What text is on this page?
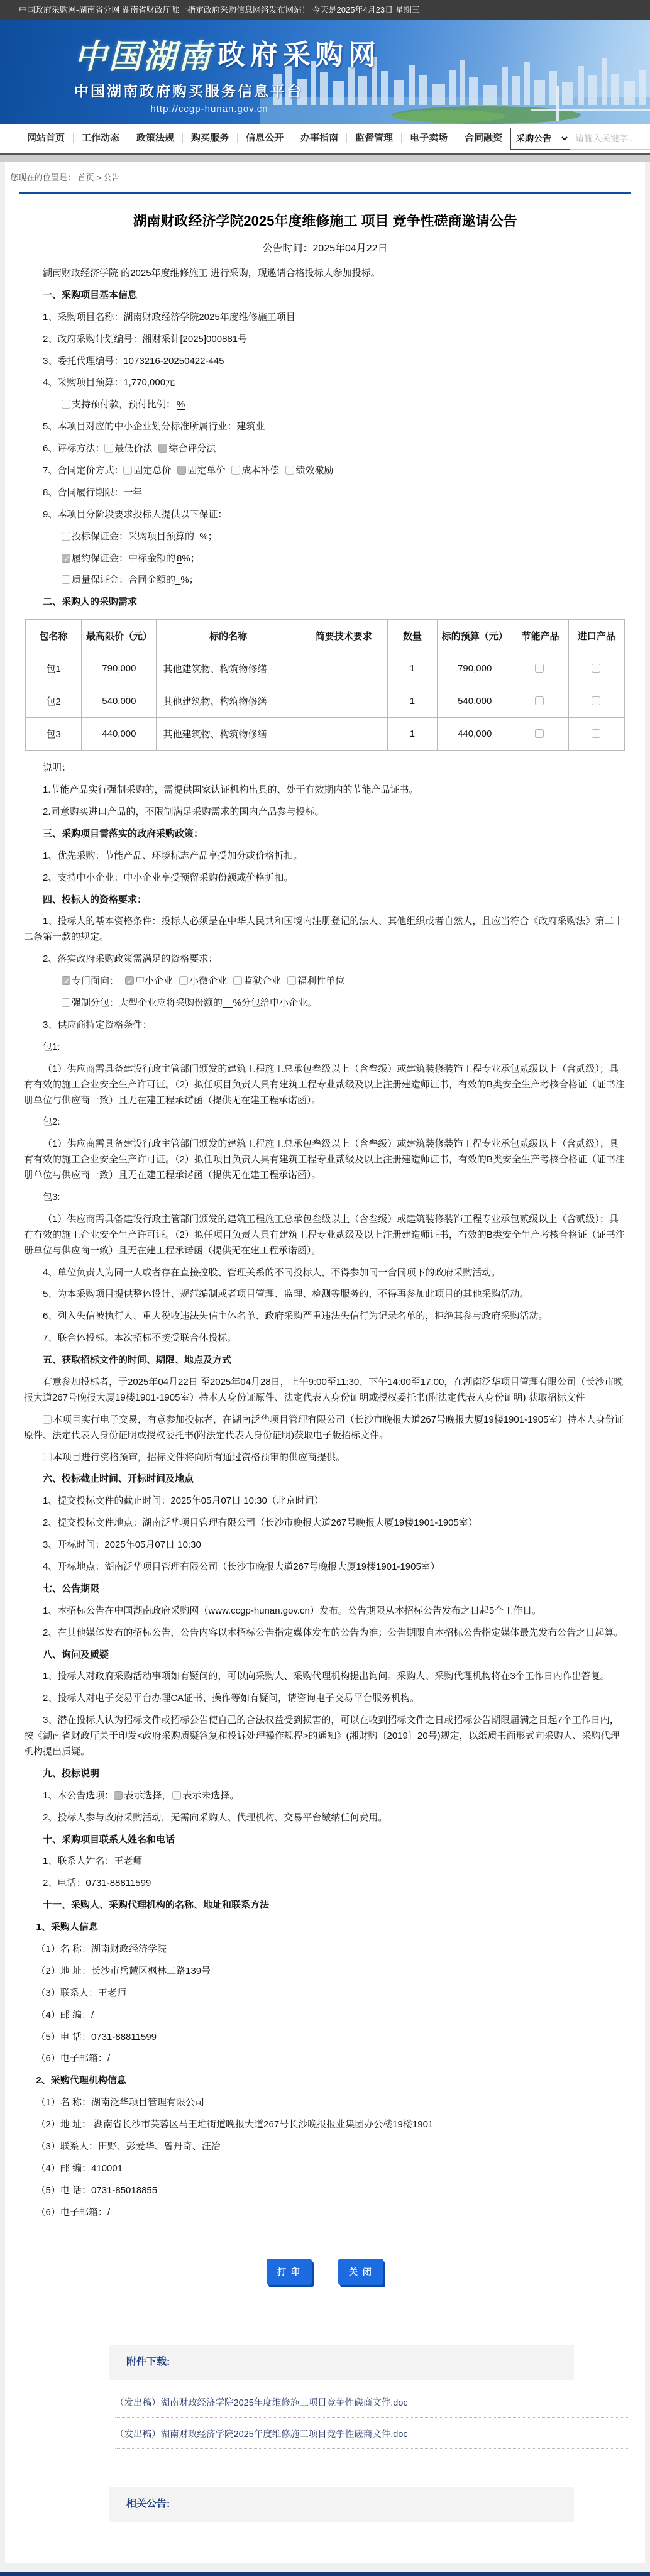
中国政府采购网-湖南省分网 湖南省财政厅唯一指定政府采购信息网络发布网站！ 今天是2025年4月23日 星期三
中国湖南 政府采购网
中国湖南政府购买服务信息平台
http://ccgp-hunan.gov.cn
网站首页	工作动态	政策法规	购买服务	信息公开	办事指南	监督管理	电子卖场	合同融资
采购公告
请输入关键字...
您现在的位置是： 首页 > 公告
湖南财政经济学院2025年度维修施工 项目 竞争性磋商邀请公告
公告时间：2025年04月22日

湖南财政经济学院 的2025年度维修施工 进行采购，现邀请合格投标人参加投标。

一、采购项目基本信息

1、采购项目名称：湖南财政经济学院2025年度维修施工项目

2、政府采购计划编号：湘财采计[2025]000881号

3、委托代理编号：1073216-20250422-445

4、采购项目预算：1,770,000元

支持预付款，预付比例： %

5、本项目对应的中小企业划分标准所属行业：建筑业

6、评标方法： 最低价法 ✓ 综合评分法

7、合同定价方式： 固定总价 ✓ 固定单价 成本补偿 绩效激励

8、合同履行期限：一年

9、本项目分阶段要求投标人提供以下保证：

投标保证金：采购项目预算的_%；

✓履约保证金：中标金额的 8%；

质量保证金：合同金额的_%；

二、采购人的采购需求

包名称	最高限价（元）	标的名称	简要技术要求	数量	标的预算（元）	节能产品	进口产品
包1	790,000	其他建筑物、构筑物修缮		1	790,000		
包2	540,000	其他建筑物、构筑物修缮		1	540,000		
包3	440,000	其他建筑物、构筑物修缮		1	440,000		

说明：

1.节能产品实行强制采购的，需提供国家认证机构出具的、处于有效期内的节能产品证书。

2.同意购买进口产品的，不限制满足采购需求的国内产品参与投标。

三、采购项目需落实的政府采购政策：

1、优先采购：节能产品、环境标志产品享受加分或价格折扣。

2、支持中小企业：中小企业享受预留采购份额或价格折扣。

四、投标人的资格要求：

1、投标人的基本资格条件：投标人必须是在中华人民共和国境内注册登记的法人、其他组织或者自然人，且应当符合《政府采购法》第二十二条第一款的规定。

2、落实政府采购政策需满足的资格要求：

✓专门面向： ✓ 中小企业 小微企业 监狱企业 福利性单位

强制分包：大型企业应将采购份额的__%分包给中小企业。

3、供应商特定资格条件：

包1:

（1）供应商需具备建设行政主管部门颁发的建筑工程施工总承包叁级以上（含叁级）或建筑装修装饰工程专业承包贰级以上（含贰级）；具有有效的施工企业安全生产许可证。（2）拟任项目负责人具有建筑工程专业贰级及以上注册建造师证书，有效的B类安全生产考核合格证（证书注册单位与供应商一致）且无在建工程承诺函（提供无在建工程承诺函）。

包2:

（1）供应商需具备建设行政主管部门颁发的建筑工程施工总承包叁级以上（含叁级）或建筑装修装饰工程专业承包贰级以上（含贰级）；具有有效的施工企业安全生产许可证。（2）拟任项目负责人具有建筑工程专业贰级及以上注册建造师证书，有效的B类安全生产考核合格证（证书注册单位与供应商一致）且无在建工程承诺函（提供无在建工程承诺函）。

包3:

（1）供应商需具备建设行政主管部门颁发的建筑工程施工总承包叁级以上（含叁级）或建筑装修装饰工程专业承包贰级以上（含贰级）；具有有效的施工企业安全生产许可证。（2）拟任项目负责人具有建筑工程专业贰级及以上注册建造师证书，有效的B类安全生产考核合格证（证书注册单位与供应商一致）且无在建工程承诺函（提供无在建工程承诺函）。

4、单位负责人为同一人或者存在直接控股、管理关系的不同投标人，不得参加同一合同项下的政府采购活动。

5、为本采购项目提供整体设计、规范编制或者项目管理、监理、检测等服务的，不得再参加此项目的其他采购活动。

6、列入失信被执行人、重大税收违法失信主体名单、政府采购严重违法失信行为记录名单的，拒绝其参与政府采购活动。

7、联合体投标。本次招标不接受联合体投标。

五、获取招标文件的时间、期限、地点及方式

有意参加投标者，于2025年04月22日 至2025年04月28日，上午9:00至11:30、下午14:00至17:00，在湖南泛华项目管理有限公司（长沙市晚报大道267号晚报大厦19楼1901-1905室）持本人身份证原件、法定代表人身份证明或授权委托书(附法定代表人身份证明) 获取招标文件

本项目实行电子交易，有意参加投标者，在湖南泛华项目管理有限公司（长沙市晚报大道267号晚报大厦19楼1901-1905室）持本人身份证原件、法定代表人身份证明或授权委托书(附法定代表人身份证明)获取电子版招标文件。

本项目进行资格预审，招标文件将向所有通过资格预审的供应商提供。

六、投标截止时间、开标时间及地点

1、提交投标文件的截止时间：2025年05月07日 10:30（北京时间）

2、提交投标文件地点：湖南泛华项目管理有限公司（长沙市晚报大道267号晚报大厦19楼1901-1905室）

3、开标时间：2025年05月07日 10:30

4、开标地点：湖南泛华项目管理有限公司（长沙市晚报大道267号晚报大厦19楼1901-1905室）

七、公告期限

1、本招标公告在中国湖南政府采购网（www.ccgp-hunan.gov.cn）发布。公告期限从本招标公告发布之日起5个工作日。

2、在其他媒体发布的招标公告，公告内容以本招标公告指定媒体发布的公告为准；公告期限自本招标公告指定媒体最先发布公告之日起算。

八、询问及质疑

1、投标人对政府采购活动事项如有疑问的，可以向采购人、采购代理机构提出询问。采购人、采购代理机构将在3个工作日内作出答复。

2、投标人对电子交易平台办理CA证书、操作等如有疑问，请咨询电子交易平台服务机构。

3、潜在投标人认为招标文件或招标公告使自己的合法权益受到损害的，可以在收到招标文件之日或招标公告期限届满之日起7个工作日内，按《湖南省财政厅关于印发<政府采购质疑答复和投诉处理操作规程>的通知》(湘财购〔2019〕20号)规定，以纸质书面形式向采购人、采购代理机构提出质疑。

九、投标说明

1、本公告选项： ✓ 表示选择， 表示未选择。

2、投标人参与政府采购活动，无需向采购人、代理机构、交易平台缴纳任何费用。

十、采购项目联系人姓名和电话

1、联系人姓名：王老师

2、电话：0731-88811599

十一、采购人、采购代理机构的名称、地址和联系方法

1、采购人信息

（1）名 称：湖南财政经济学院

（2）地 址：长沙市岳麓区枫林二路139号

（3）联系人：王老师

（4）邮 编：/

（5）电 话：0731-88811599

（6）电子邮箱：/

2、采购代理机构信息

（1）名 称：湖南泛华项目管理有限公司

（2）地 址： 湖南省长沙市芙蓉区马王堆街道晚报大道267号长沙晚报报业集团办公楼19楼1901

（3）联系人：田野、彭爱华、曾丹奇、汪冶

（4）邮 编：410001

（5）电 话：0731-85018855

（6）电子邮箱：/

打 印	关 闭
附件下载:
（发出稿）湖南财政经济学院2025年度维修施工项目竞争性磋商文件.doc
（发出稿）湖南财政经济学院2025年度维修施工项目竞争性磋商文件.doc
相关公告:
